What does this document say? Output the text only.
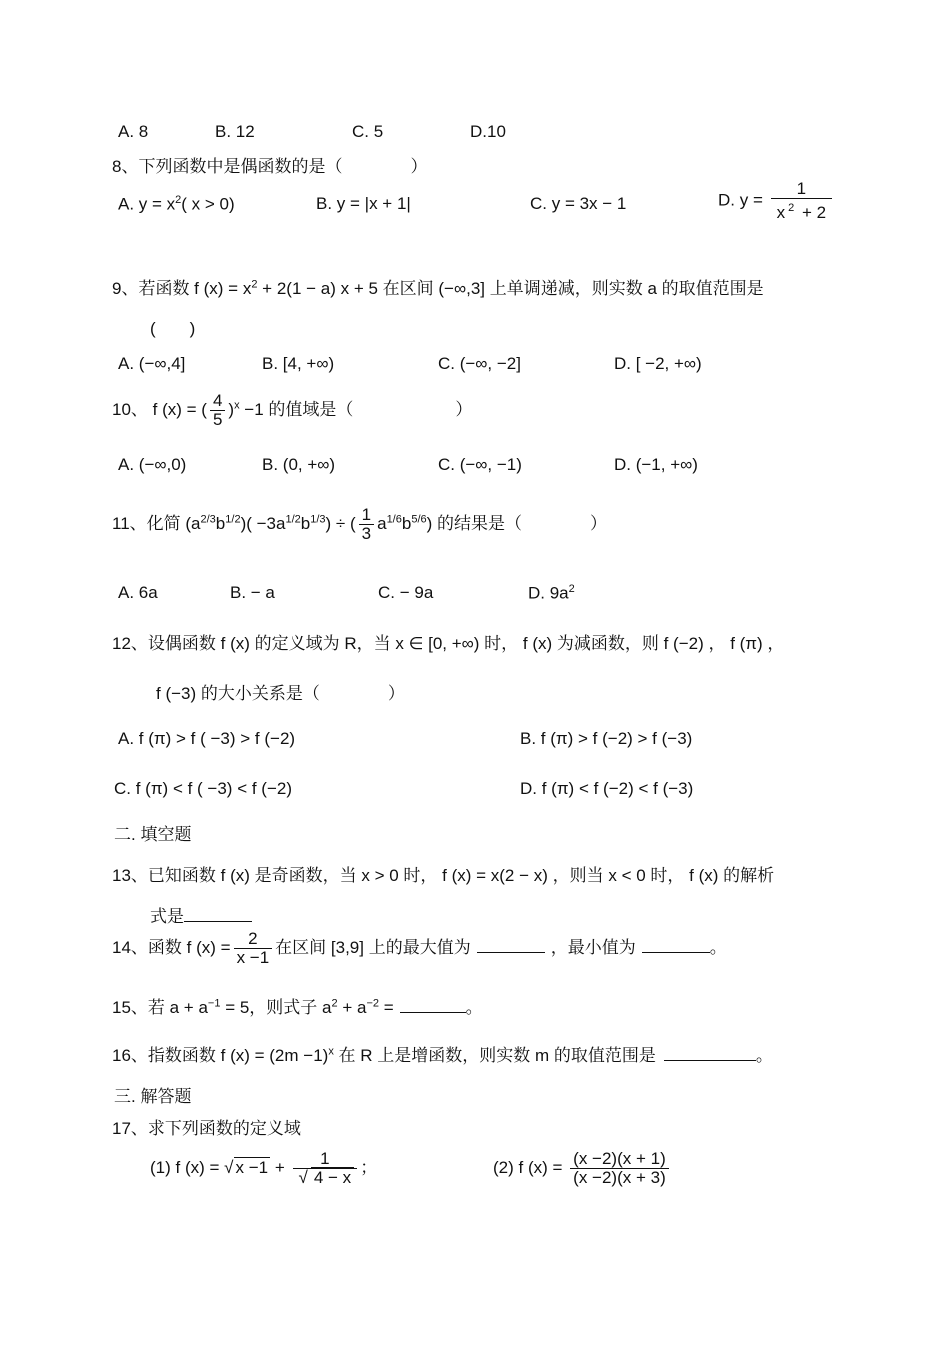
A. 8	B. 12	C. 5	D.10
8、下列函数中是偶函数的是（　　　　）
A. $y = x^2$( x > 0)	B. y = |x + 1|	C. y = 3x − 1	D. $y = \frac{1}{x ^2 + 2}$
9、若函数 f $(x) = x^2 + 2(1 - a) x + 5$ 在区间 (−∞,3] 上单调递减，则实数 a 的取值范围是
(　　)
A. (−∞,4]	B. [4, +∞)	C. (−∞, −2]	D. [ −2, +∞)
10、 f (x) = ( $\frac{4}{5} )^x -1$ 的值域是（　　　　　　）
A. (−∞,0)	B. (0, +∞)	C. (−∞, −1)	D. (−1, +∞)
11、化简 $(a^{2/3}b^{1/2})( -3a^{1/2}b^{1/3})$ ÷ ( $\frac{1}{3} a^{1/6}b^{5/6}$) 的结果是（　　　　）
A. 6a	B. − a	C. − 9a	D. $9a^2$
12、设偶函数 f (x) 的定义域为 R，当 x ∈ [0, +∞) 时， f (x) 为减函数，则 f (−2) ， f (π) ，
f (−3) 的大小关系是（　　　　）
A. f (π) > f ( −3) > f (−2)	B. f (π) > f (−2) > f (−3)
C. f (π) < f ( −3) < f (−2)	D. f (π) < f (−2) < f (−3)
二. 填空题
13、已知函数 f (x) 是奇函数，当 x > 0 时， f (x) = x(2 − x) ，则当 x < 0 时， f (x) 的解析
式是
14、函数 f $(x) = \frac{2}{x -1}$ 在区间 [3,9] 上的最大值为	，最小值为	。
15、若 $a + a^{-1} = 5$，则式子 $a^2 + a^{-2}$ =	。
16、指数函数 f $(x) = (2m -1)^x$ 在 R 上是增函数，则实数 m 的取值范围是	。
三. 解答题
17、求下列函数的定义域
(1) f (x) = √ $x -1 + \frac{1}{√ 4 - x}$ ；	(2) f $(x) = \frac{(x -2)(x + 1)}{(x -2)(x + 3)}$
